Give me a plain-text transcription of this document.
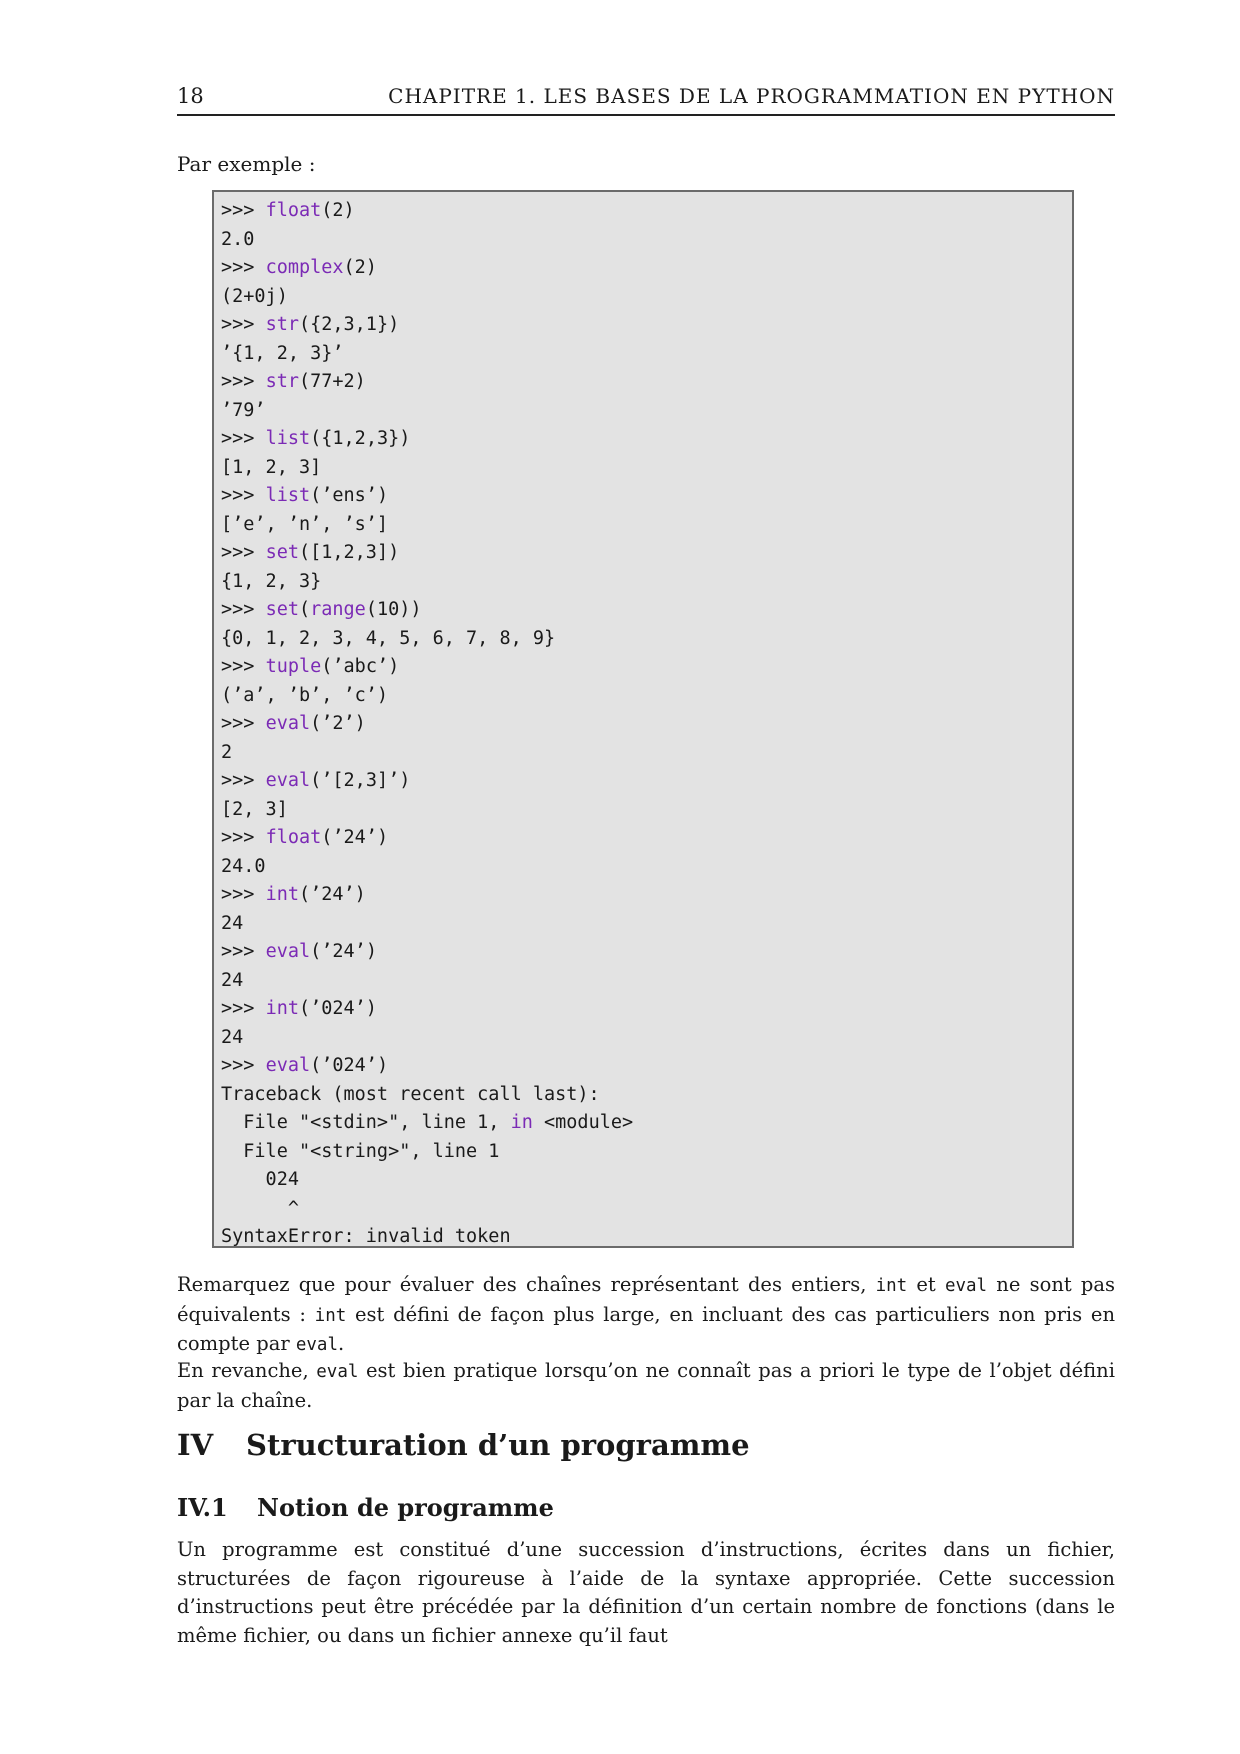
18	CHAPITRE 1. LES BASES DE LA PROGRAMMATION EN PYTHON
Par exemple :
>>> float(2)
2.0
>>> complex(2)
(2+0j)
>>> str({2,3,1})
’{1, 2, 3}’
>>> str(77+2)
’79’
>>> list({1,2,3})
[1, 2, 3]
>>> list(’ens’)
[’e’, ’n’, ’s’]
>>> set([1,2,3])
{1, 2, 3}
>>> set(range(10))
{0, 1, 2, 3, 4, 5, 6, 7, 8, 9}
>>> tuple(’abc’)
(’a’, ’b’, ’c’)
>>> eval(’2’)
2
>>> eval(’[2,3]’)
[2, 3]
>>> float(’24’)
24.0
>>> int(’24’)
24
>>> eval(’24’)
24
>>> int(’024’)
24
>>> eval(’024’)
Traceback (most recent call last):
File "<stdin>", line 1, in <module>
File "<string>", line 1
024
^
SyntaxError: invalid token

Remarquez que pour évaluer des chaînes représentant des entiers, int et eval ne sont pas équivalents : int est défini de façon plus large, en incluant des cas particuliers non pris en compte par eval.

En revanche, eval est bien pratique lorsqu’on ne connaît pas a priori le type de l’objet défini par la chaîne.

IV Structuration d’un programme
IV.1 Notion de programme

Un programme est constitué d’une succession d’instructions, écrites dans un fichier, structurées de façon rigoureuse à l’aide de la syntaxe appropriée. Cette succession d’instructions peut être précédée par la définition d’un certain nombre de fonctions (dans le même fichier, ou dans un fichier annexe qu’il faut
